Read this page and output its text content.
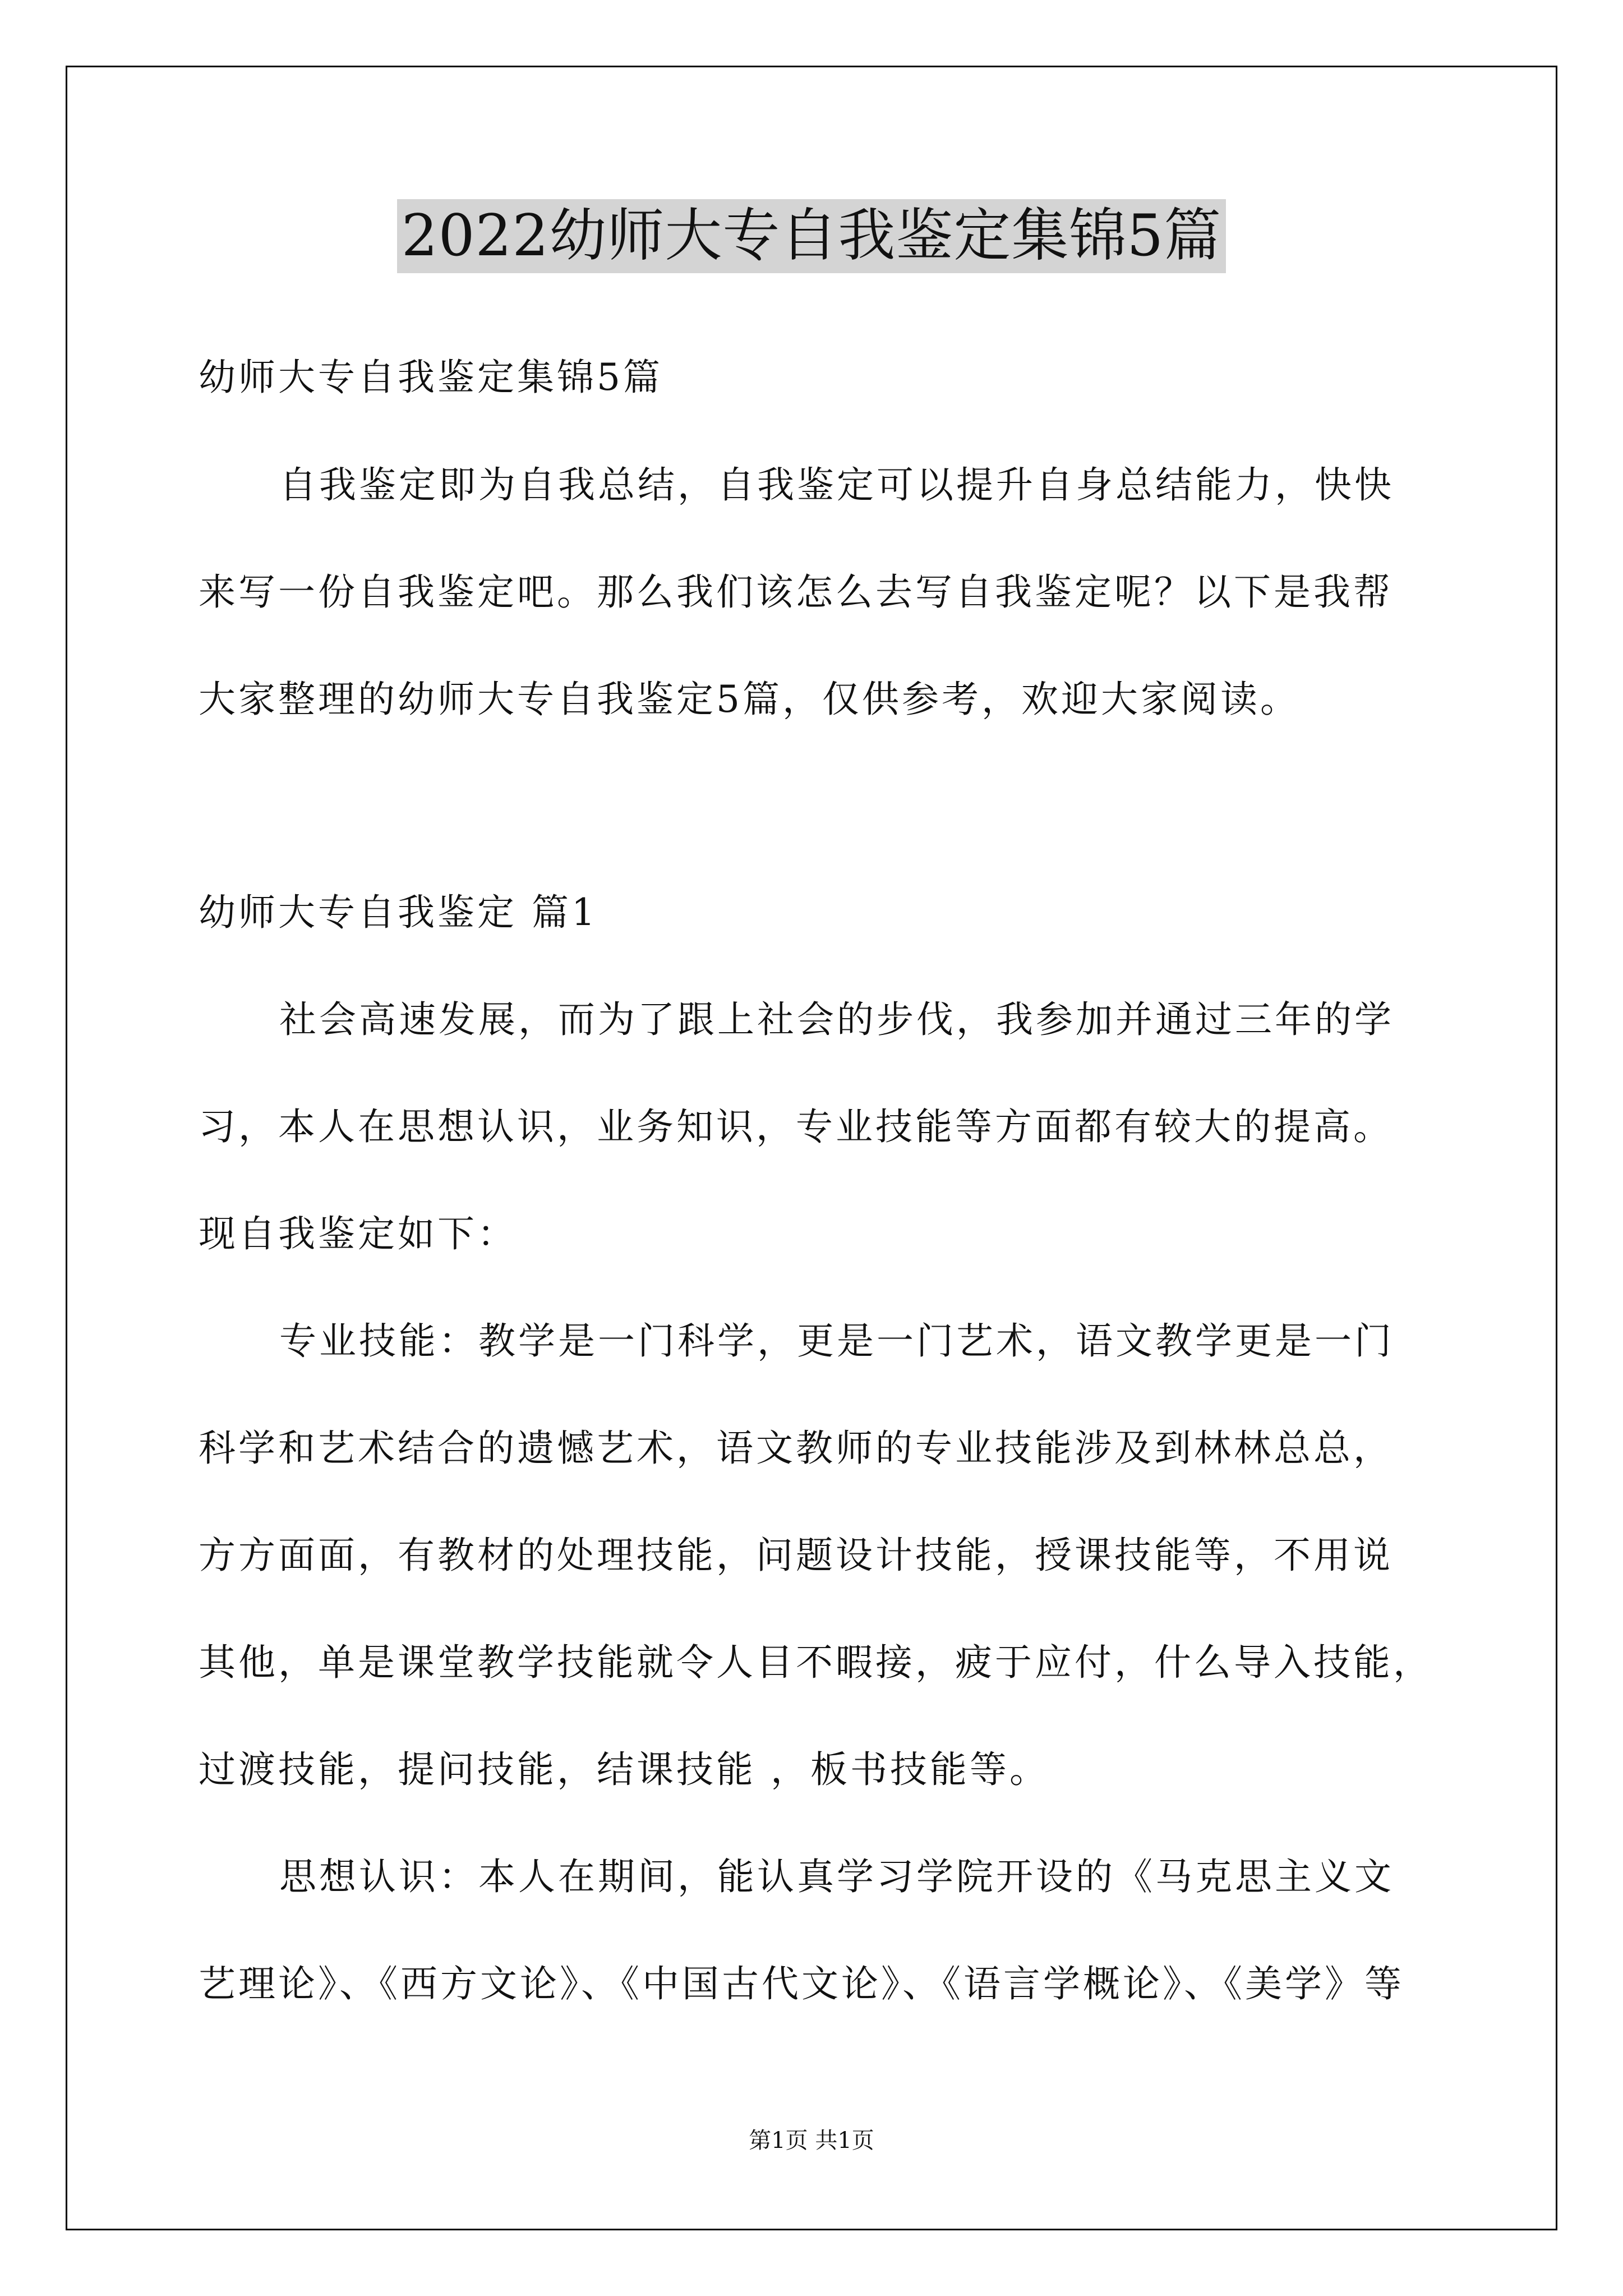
2022幼师大专自我鉴定集锦5篇
幼师大专自我鉴定集锦5篇
自我鉴定即为自我总结，自我鉴定可以提升自身总结能力，快快
来写一份自我鉴定吧。那么我们该怎么去写自我鉴定呢？以下是我帮
大家整理的幼师大专自我鉴定5篇，仅供参考，欢迎大家阅读。
幼师大专自我鉴定 篇1
社会高速发展，而为了跟上社会的步伐，我参加并通过三年的学
习，本人在思想认识，业务知识，专业技能等方面都有较大的提高。
现自我鉴定如下：
专业技能：教学是一门科学，更是一门艺术，语文教学更是一门
科学和艺术结合的遗憾艺术，语文教师的专业技能涉及到林林总总，
方方面面，有教材的处理技能，问题设计技能，授课技能等，不用说
其他，单是课堂教学技能就令人目不暇接，疲于应付，什么导入技能，
过渡技能，提问技能，结课技能 ，板书技能等。
思想认识：本人在期间，能认真学习学院开设的《马克思主义文
艺理论》、《西方文论》、《中国古代文论》、《语言学概论》、《美学》等
第1页 共1页
